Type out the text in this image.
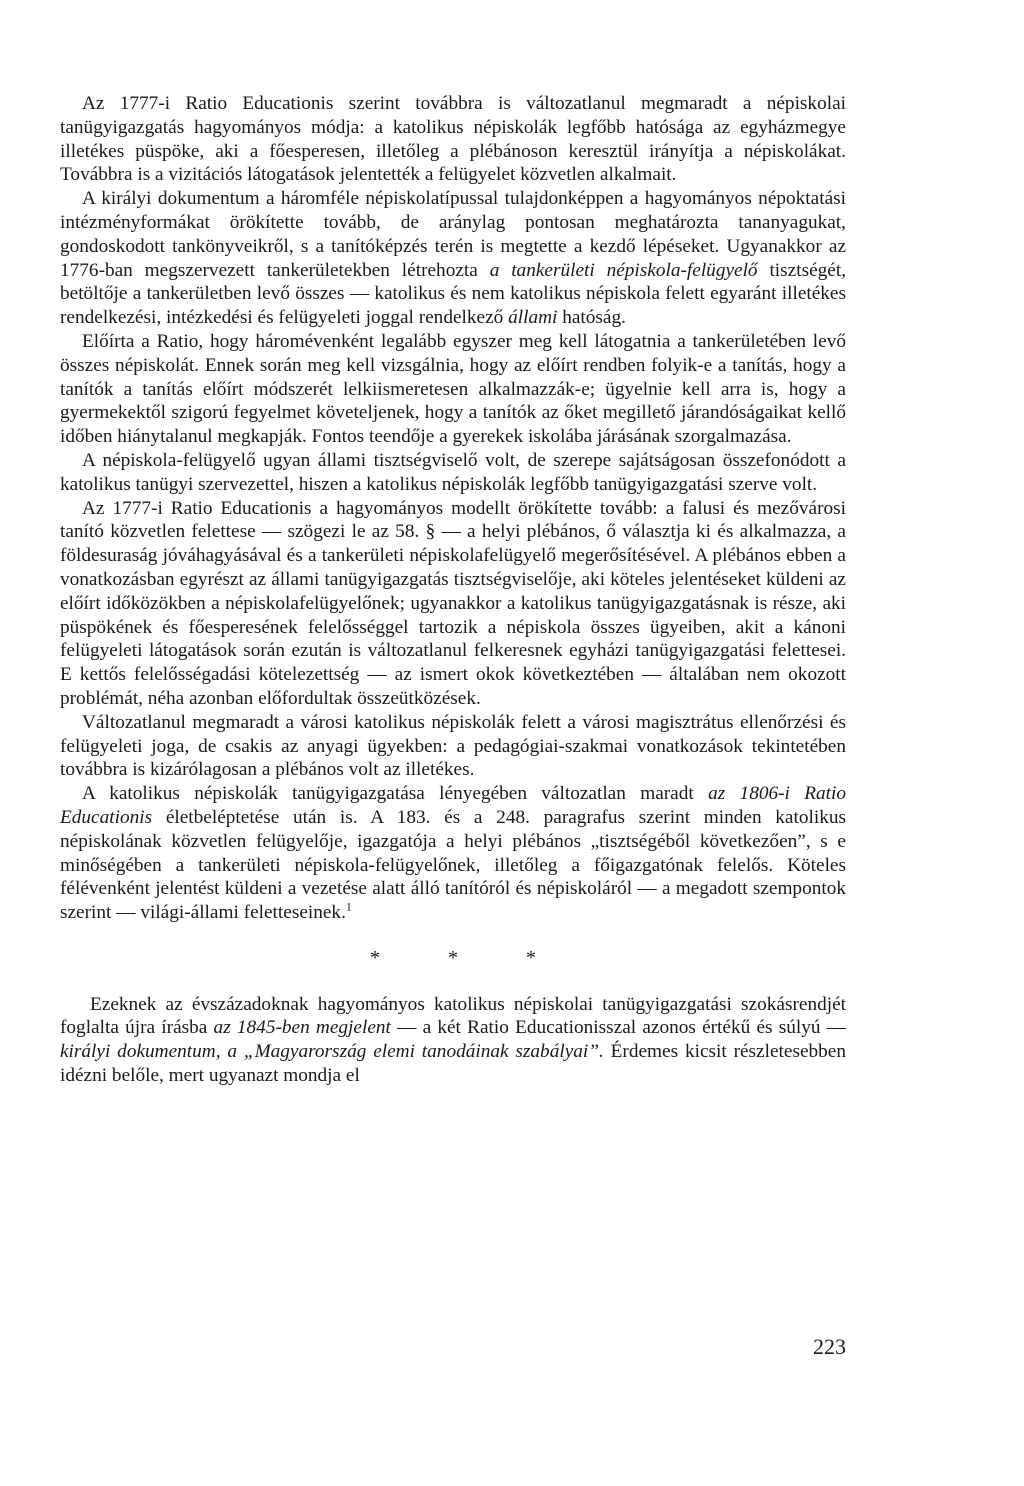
Az 1777-i Ratio Educationis szerint továbbra is változatlanul megmaradt a népiskolai tanügyigazgatás hagyományos módja: a katolikus népiskolák legfőbb hatósága az egyházmegye illetékes püspöke, aki a főesperesen, illetőleg a plébánoson keresztül irányítja a népiskolákat. Továbbra is a vizitációs látogatások jelentették a felügyelet közvetlen alkalmait.

A királyi dokumentum a háromféle népiskolatípussal tulajdonképpen a hagyományos népoktatási intézményformákat örökítette tovább, de aránylag pontosan meghatározta tananyagukat, gondoskodott tankönyveikről, s a tanítóképzés terén is megtette a kezdő lépéseket. Ugyanakkor az 1776-ban megszervezett tankerületekben létrehozta a tankerületi népiskola-felügyelő tisztségét, betöltője a tankerületben levő összes — katolikus és nem katolikus népiskola felett egyaránt illetékes rendelkezési, intézkedési és felügyeleti joggal rendelkező állami hatóság.

Előírta a Ratio, hogy háromévenként legalább egyszer meg kell látogatnia a tankerületében levő összes népiskolát. Ennek során meg kell vizsgálnia, hogy az előírt rendben folyik-e a tanítás, hogy a tanítók a tanítás előírt módszerét lelkiismeretesen alkalmazzák-e; ügyelnie kell arra is, hogy a gyermekektől szigorú fegyelmet követeljenek, hogy a tanítók az őket megillető járandóságaikat kellő időben hiánytalanul megkapják. Fontos teendője a gyerekek iskolába járásának szorgalmazása.

A népiskola-felügyelő ugyan állami tisztségviselő volt, de szerepe sajátságosan összefonódott a katolikus tanügyi szervezettel, hiszen a katolikus népiskolák legfőbb tanügyigazgatási szerve volt.

Az 1777-i Ratio Educationis a hagyományos modellt örökítette tovább: a falusi és mezővárosi tanító közvetlen felettese — szögezi le az 58. § — a helyi plébános, ő választja ki és alkalmazza, a földesuraság jóváhagyásával és a tankerületi népiskolafelügyelő megerősítésével. A plébános ebben a vonatkozásban egyrészt az állami tanügyigazgatás tisztségviselője, aki köteles jelentéseket küldeni az előírt időközökben a népiskolafelügyelőnek; ugyanakkor a katolikus tanügyigazgatásnak is része, aki püspökének és főesperesének felelősséggel tartozik a népiskola összes ügyeiben, akit a kánoni felügyeleti látogatások során ezután is változatlanul felkeresnek egyházi tanügyigazgatási felettesei. E kettős felelősségadási kötelezettség — az ismert okok következtében — általában nem okozott problémát, néha azonban előfordultak összeütközések.

Változatlanul megmaradt a városi katolikus népiskolák felett a városi magisztrátus ellenőrzési és felügyeleti joga, de csakis az anyagi ügyekben: a pedagógiai-szakmai vonatkozások tekintetében továbbra is kizárólagosan a plébános volt az illetékes.

A katolikus népiskolák tanügyigazgatása lényegében változatlan maradt az 1806-i Ratio Educationis életbeléptetése után is. A 183. és a 248. paragrafus szerint minden katolikus népiskolának közvetlen felügyelője, igazgatója a helyi plébános „tisztségéből következően”, s e minőségében a tankerületi népiskola-felügyelőnek, illetőleg a főigazgatónak felelős. Köteles félévenként jelentést küldeni a vezetése alatt álló tanítóról és népiskoláról — a megadott szempontok szerint — világi-állami feletteseinek.$^1$

*	*	*

Ezeknek az évszázadoknak hagyományos katolikus népiskolai tanügyigazgatási szokásrendjét foglalta újra írásba az 1845-ben megjelent — a két Ratio Educationisszal azonos értékű és súlyú — királyi dokumentum, a „Magyarország elemi tanodáinak szabályai”. Érdemes kicsit részletesebben idézni belőle, mert ugyanazt mondja el

223
